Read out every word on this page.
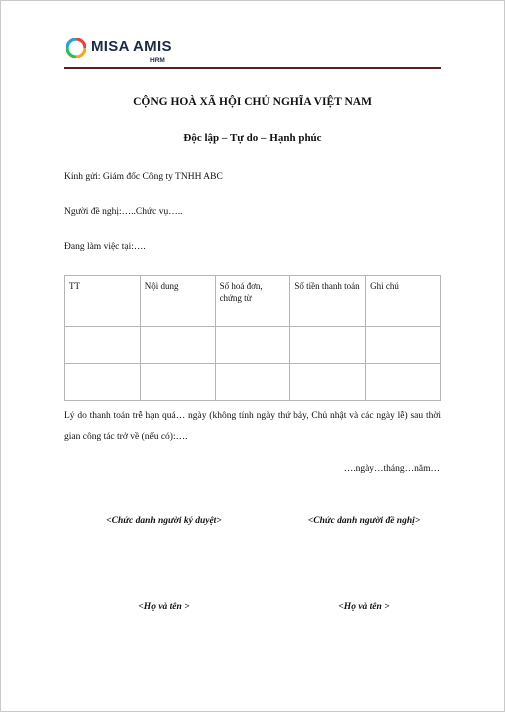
MISA AMIS
HRM
CỘNG HOÀ XÃ HỘI CHỦ NGHĨA VIỆT NAM
Độc lập – Tự do – Hạnh phúc
Kính gửi: Giám đốc Công ty TNHH ABC
Người đề nghị:…..Chức vụ…..
Đang làm việc tại:….
TT	Nội dung	Số hoá đơn, chứng từ	Số tiền thanh toán	Ghi chú

Lý do thanh toán trễ hạn quá… ngày (không tính ngày thứ bảy, Chủ nhật và các ngày lễ) sau thời gian công tác trở về (nếu có):….
….ngày…tháng…năm…
<Chức danh người ký duyệt>	<Chức danh người đề nghị>
<Họ và tên >	<Họ và tên >
